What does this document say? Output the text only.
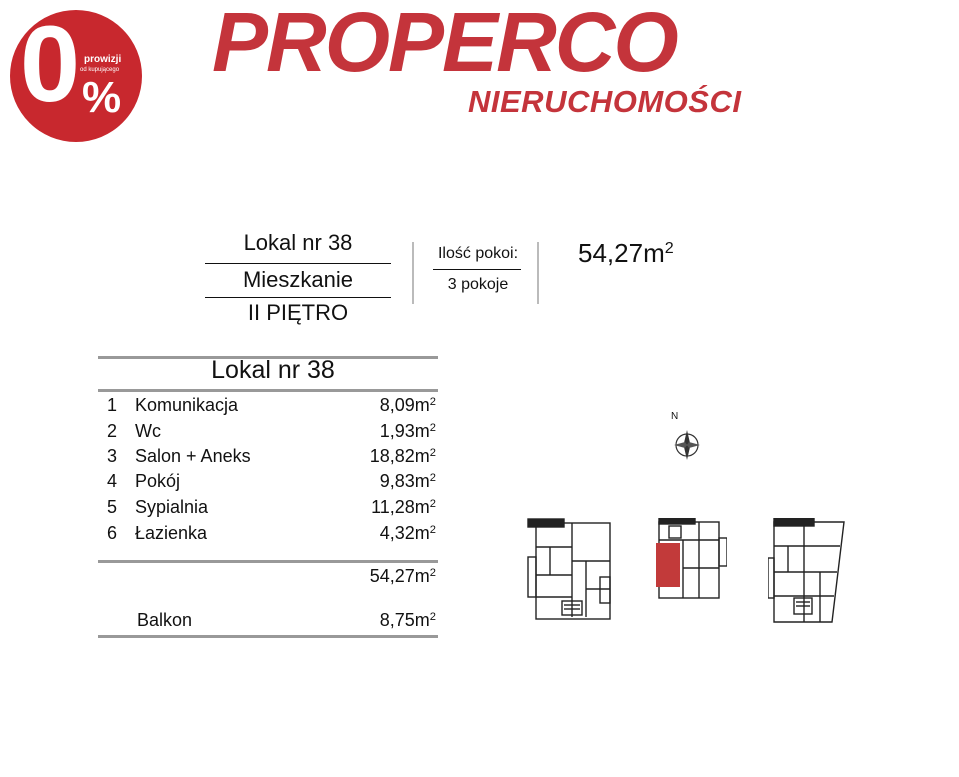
0 prowizji
od kupującego
%
PROPERCO
NIERUCHOMOŚCI
Lokal nr 38
Mieszkanie
II PIĘTRO
Ilość pokoi:
3 pokoje
$54,27m^2$
Lokal nr 38
1 Komunikacja	$8,09m^2$
2 Wc	$1,93m^2$
3 Salon + Aneks	$18,82m^2$
4 Pokój	$9,83m^2$
5 Sypialnia	$11,28m^2$
6 Łazienka	$4,32m^2$
$54,27m^2$
Balkon	$8,75m^2$
N
